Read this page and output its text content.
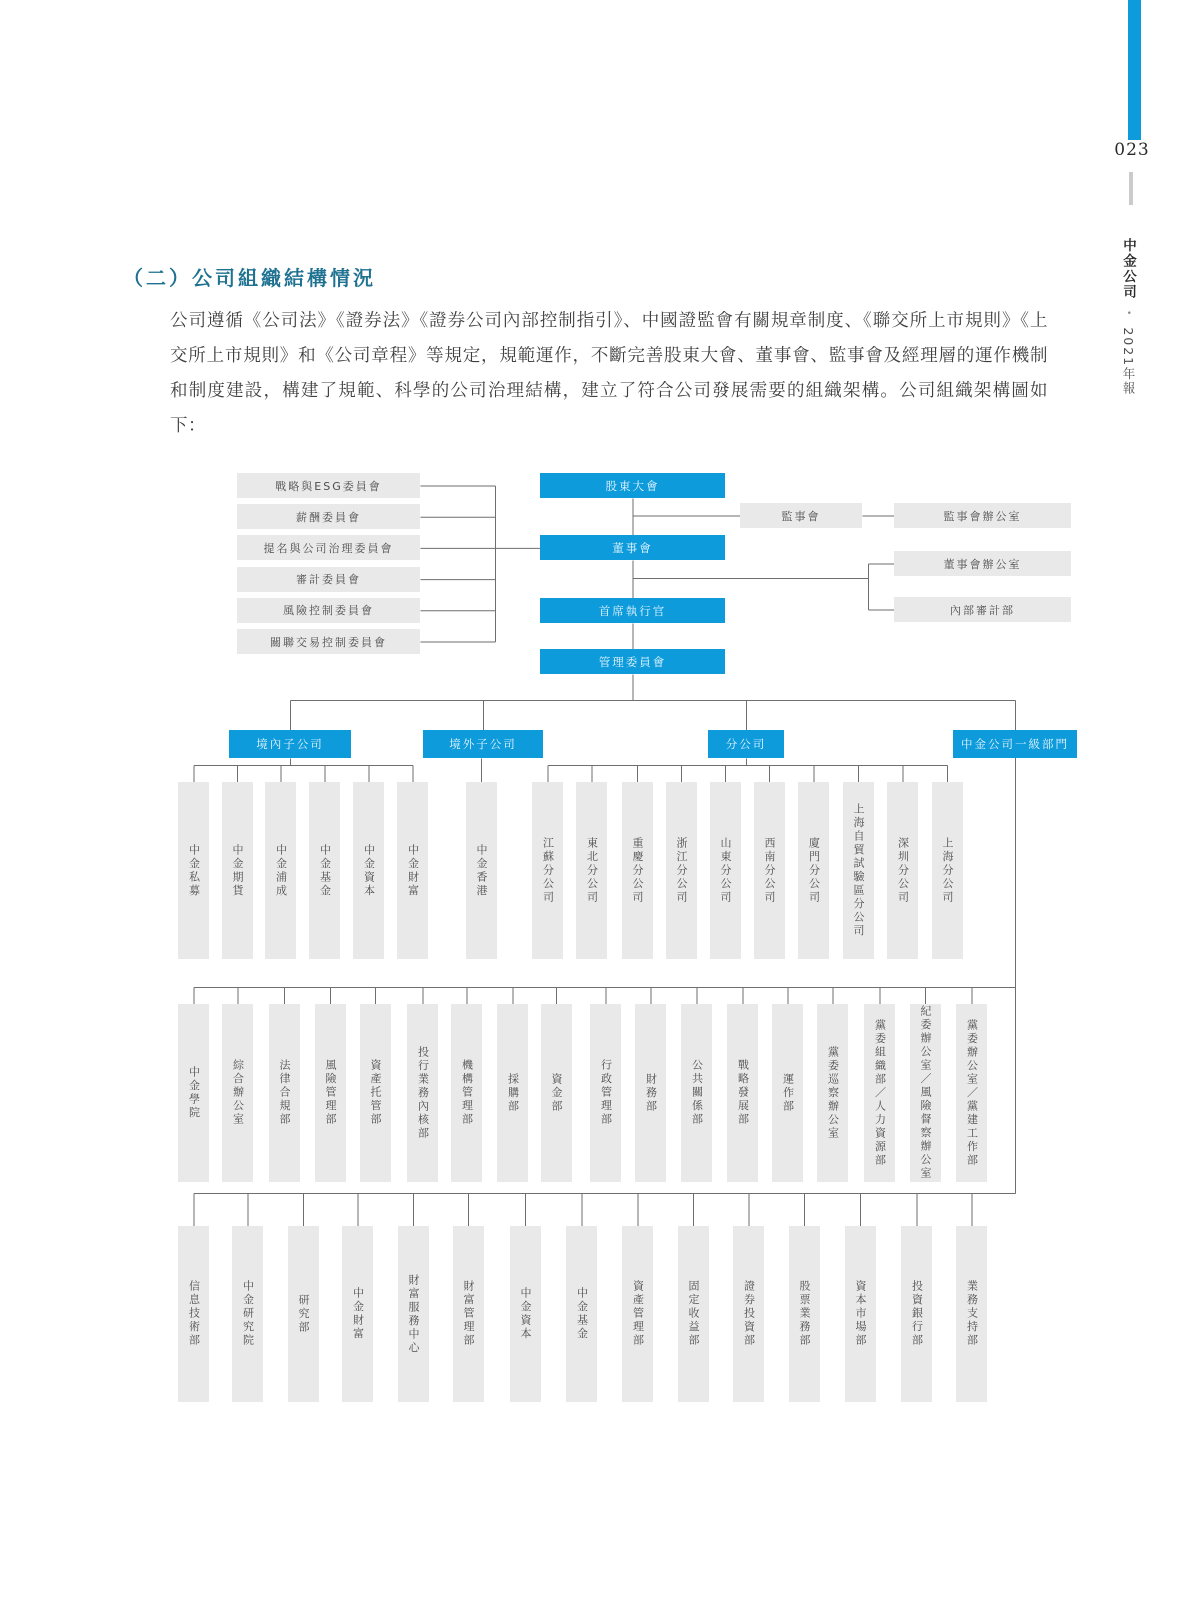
023
中金公司•2021年報
（二）公司組織結構情況
公司遵循《公司法》《證券法》《證券公司內部控制指引》、中國證監會有關規章制度、《聯交所上市規則》《上
交所上市規則》和《公司章程》等規定，規範運作，不斷完善股東大會、董事會、監事會及經理層的運作機制
和制度建設，構建了規範、科學的公司治理結構，建立了符合公司發展需要的組織架構。公司組織架構圖如
下：
戰略與ESG委員會
薪酬委員會
提名與公司治理委員會
審計委員會
風險控制委員會
關聯交易控制委員會
股東大會
董事會
首席執行官
管理委員會
監事會	監事會辦公室
董事會辦公室
內部審計部
境內子公司	境外子公司	分公司	中金公司一級部門
中金私募	中金期貨	中金浦成	中金基金	中金資本	中金財富	中金香港	江蘇分公司	東北分公司	重慶分公司	浙江分公司	山東分公司	西南分公司	廈門分公司	上海自貿試驗區分公司	深圳分公司	上海分公司
中金學院	綜合辦公室	法律合規部	風險管理部	資產托管部	投行業務內核部	機構管理部	採購部	資金部	行政管理部	財務部	公共關係部	戰略發展部	運作部	黨委巡察辦公室	黨委組織部／人力資源部	紀委辦公室／風險督察辦公室	黨委辦公室／黨建工作部
信息技術部	中金研究院	研究部	中金財富	財富服務中心	財富管理部	中金資本	中金基金	資產管理部	固定收益部	證券投資部	股票業務部	資本市場部	投資銀行部	業務支持部
